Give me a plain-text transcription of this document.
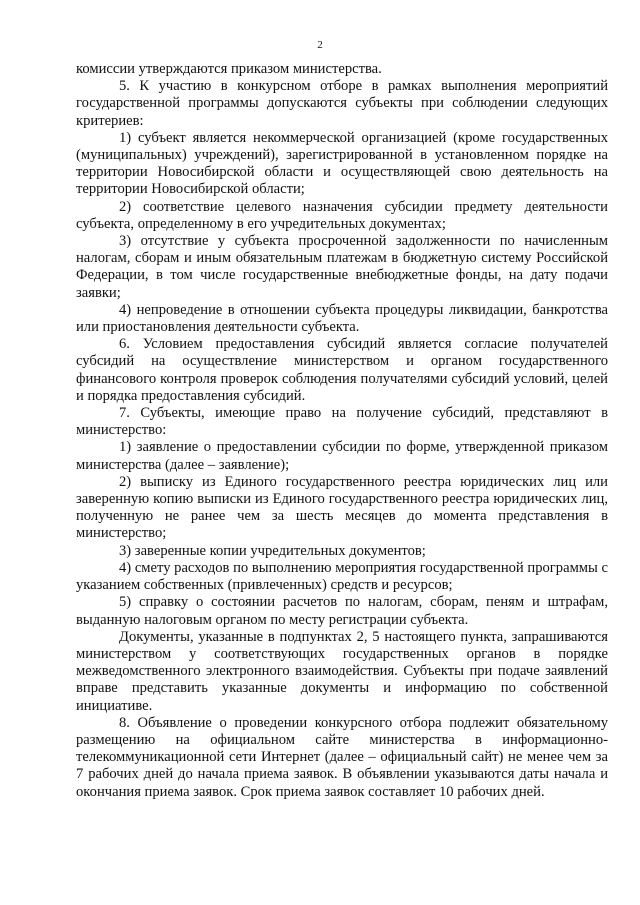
2

комиссии утверждаются приказом министерства.

5. К участию в конкурсном отборе в рамках выполнения мероприятий государственной программы допускаются субъекты при соблюдении следующих критериев:

1) субъект является некоммерческой организацией (кроме государственных (муниципальных) учреждений), зарегистрированной в установленном порядке на территории Новосибирской области и осуществляющей свою деятельность на территории Новосибирской области;

2) соответствие целевого назначения субсидии предмету деятельности субъекта, определенному в его учредительных документах;

3) отсутствие у субъекта просроченной задолженности по начисленным налогам, сборам и иным обязательным платежам в бюджетную систему Российской Федерации, в том числе государственные внебюджетные фонды, на дату подачи заявки;

4) непроведение в отношении субъекта процедуры ликвидации, банкротства или приостановления деятельности субъекта.

6. Условием предоставления субсидий является согласие получателей субсидий на осуществление министерством и органом государственного финансового контроля проверок соблюдения получателями субсидий условий, целей и порядка предоставления субсидий.

7. Субъекты, имеющие право на получение субсидий, представляют в министерство:

1) заявление о предоставлении субсидии по форме, утвержденной приказом министерства (далее – заявление);

2) выписку из Единого государственного реестра юридических лиц или заверенную копию выписки из Единого государственного реестра юридических лиц, полученную не ранее чем за шесть месяцев до момента представления в министерство;

3) заверенные копии учредительных документов;

4) смету расходов по выполнению мероприятия государственной программы с указанием собственных (привлеченных) средств и ресурсов;

5) справку о состоянии расчетов по налогам, сборам, пеням и штрафам, выданную налоговым органом по месту регистрации субъекта.

Документы, указанные в подпунктах 2, 5 настоящего пункта, запрашиваются министерством у соответствующих государственных органов в порядке межведомственного электронного взаимодействия. Субъекты при подаче заявлений вправе представить указанные документы и информацию по собственной инициативе.

8. Объявление о проведении конкурсного отбора подлежит обязательному размещению на официальном сайте министерства в информационно-телекоммуникационной сети Интернет (далее – официальный сайт) не менее чем за 7 рабочих дней до начала приема заявок. В объявлении указываются даты начала и окончания приема заявок. Срок приема заявок составляет 10 рабочих дней.
